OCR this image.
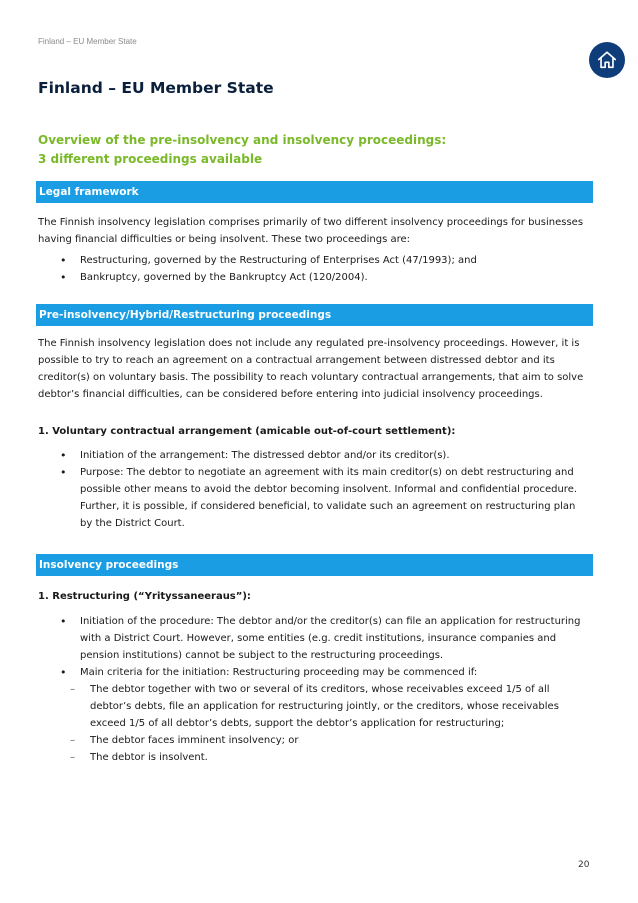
Finland – EU Member State
Finland – EU Member State
Overview of the pre-insolvency and insolvency proceedings:
3 different proceedings available
Legal framework

The Finnish insolvency legislation comprises primarily of two different insolvency proceedings for businesses having financial difficulties or being insolvent. These two proceedings are:

• Restructuring, governed by the Restructuring of Enterprises Act (47/1993); and
• Bankruptcy, governed by the Bankruptcy Act (120/2004).
Pre-insolvency/Hybrid/Restructuring proceedings

The Finnish insolvency legislation does not include any regulated pre-insolvency proceedings. However, it is possible to try to reach an agreement on a contractual arrangement between distressed debtor and its creditor(s) on voluntary basis. The possibility to reach voluntary contractual arrangements, that aim to solve debtor’s financial difficulties, can be considered before entering into judicial insolvency proceedings.

1. Voluntary contractual arrangement (amicable out-of-court settlement):
• Initiation of the arrangement: The distressed debtor and/or its creditor(s).
• Purpose: The debtor to negotiate an agreement with its main creditor(s) on debt restructuring and possible other means to avoid the debtor becoming insolvent. Informal and confidential procedure. Further, it is possible, if considered beneficial, to validate such an agreement on restructuring plan by the District Court.
Insolvency proceedings
1. Restructuring (“Yrityssaneeraus”):
• Initiation of the procedure: The debtor and/or the creditor(s) can file an application for restructuring with a District Court. However, some entities (e.g. credit institutions, insurance companies and pension institutions) cannot be subject to the restructuring proceedings.
• Main criteria for the initiation: Restructuring proceeding may be commenced if:
– The debtor together with two or several of its creditors, whose receivables exceed 1/5 of all debtor’s debts, file an application for restructuring jointly, or the creditors, whose receivables exceed 1/5 of all debtor’s debts, support the debtor’s application for restructuring;
– The debtor faces imminent insolvency; or
– The debtor is insolvent.
20
